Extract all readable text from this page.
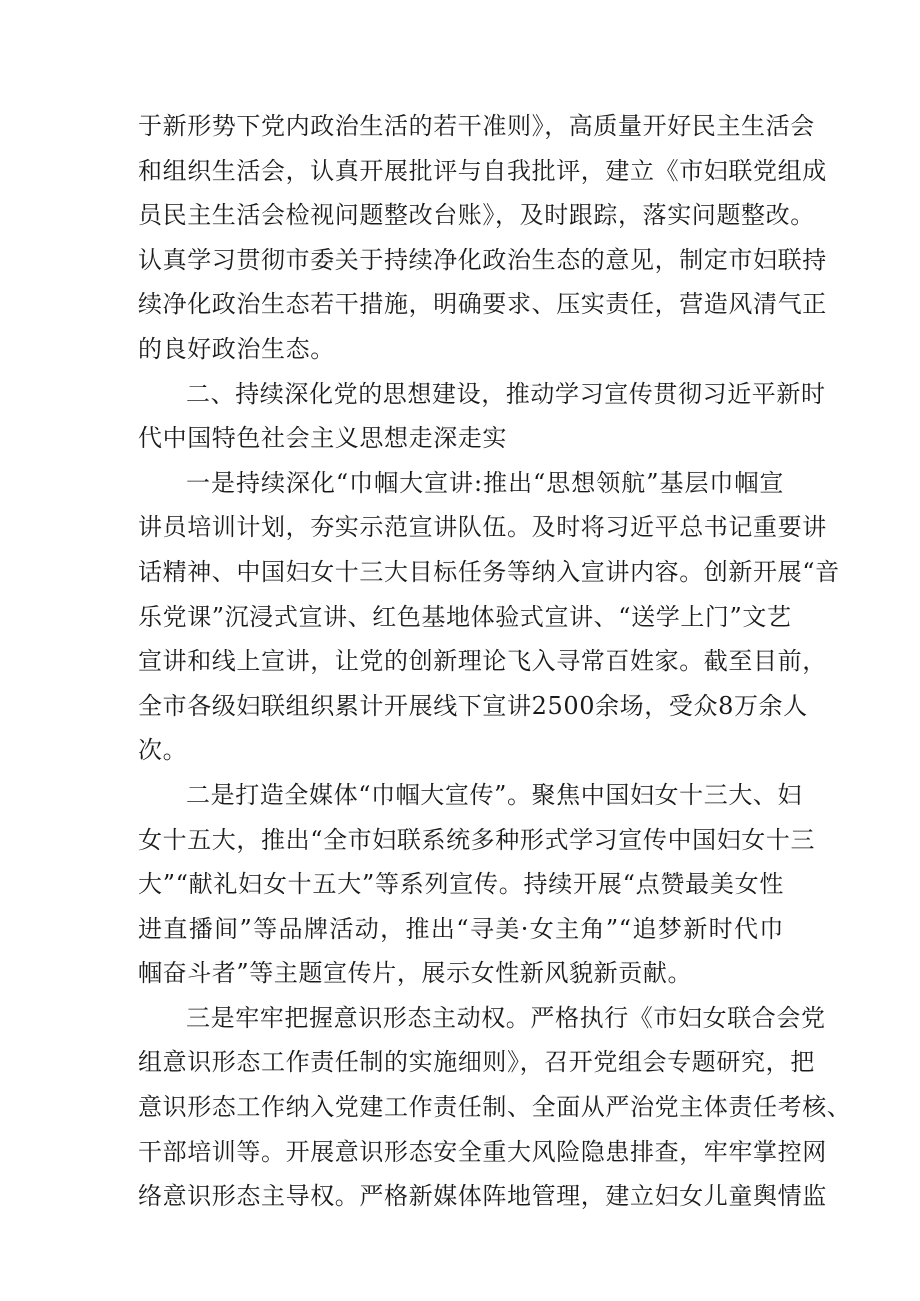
于新形势下党内政治生活的若干准则》，高质量开好民主生活会
和组织生活会，认真开展批评与自我批评，建立《市妇联党组成
员民主生活会检视问题整改台账》，及时跟踪，落实问题整改。
认真学习贯彻市委关于持续净化政治生态的意见，制定市妇联持
续净化政治生态若干措施，明确要求、压实责任，营造风清气正
的良好政治生态。

二、持续深化党的思想建设，推动学习宣传贯彻习近平新时
代中国特色社会主义思想走深走实

一是持续深化“巾帼大宣讲:推出“思想领航”基层巾帼宣
讲员培训计划，夯实示范宣讲队伍。及时将习近平总书记重要讲
话精神、中国妇女十三大目标任务等纳入宣讲内容。创新开展“音
乐党课”沉浸式宣讲、红色基地体验式宣讲、“送学上门”文艺
宣讲和线上宣讲，让党的创新理论飞入寻常百姓家。截至目前，
全市各级妇联组织累计开展线下宣讲2500余场，受众8万余人
次。

二是打造全媒体“巾帼大宣传”。聚焦中国妇女十三大、妇
女十五大，推出“全市妇联系统多种形式学习宣传中国妇女十三
大”“献礼妇女十五大”等系列宣传。持续开展“点赞最美女性
进直播间”等品牌活动，推出“寻美·女主角”“追梦新时代巾
帼奋斗者”等主题宣传片，展示女性新风貌新贡献。

三是牢牢把握意识形态主动权。严格执行《市妇女联合会党
组意识形态工作责任制的实施细则》，召开党组会专题研究，把
意识形态工作纳入党建工作责任制、全面从严治党主体责任考核、
干部培训等。开展意识形态安全重大风险隐患排查，牢牢掌控网
络意识形态主导权。严格新媒体阵地管理，建立妇女儿童舆情监
